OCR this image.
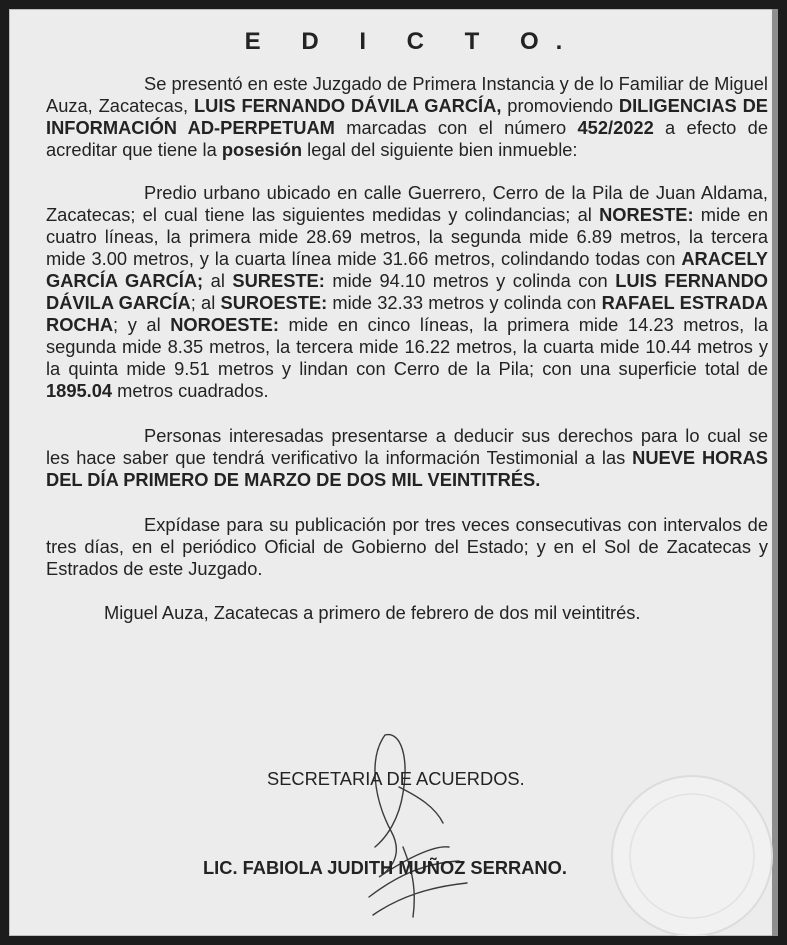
E D I C T O.

Se presentó en este Juzgado de Primera Instancia y de lo Familiar de Miguel Auza, Zacatecas, LUIS FERNANDO DÁVILA GARCÍA, promoviendo DILIGENCIAS DE INFORMACIÓN AD-PERPETUAM marcadas con el número 452/2022 a efecto de acreditar que tiene la posesión legal del siguiente bien inmueble:

Predio urbano ubicado en calle Guerrero, Cerro de la Pila de Juan Aldama, Zacatecas; el cual tiene las siguientes medidas y colindancias; al NORESTE: mide en cuatro líneas, la primera mide 28.69 metros, la segunda mide 6.89 metros, la tercera mide 3.00 metros, y la cuarta línea mide 31.66 metros, colindando todas con ARACELY GARCÍA GARCÍA; al SURESTE: mide 94.10 metros y colinda con LUIS FERNANDO DÁVILA GARCÍA; al SUROESTE: mide 32.33 metros y colinda con RAFAEL ESTRADA ROCHA; y al NOROESTE: mide en cinco líneas, la primera mide 14.23 metros, la segunda mide 8.35 metros, la tercera mide 16.22 metros, la cuarta mide 10.44 metros y la quinta mide 9.51 metros y lindan con Cerro de la Pila; con una superficie total de 1895.04 metros cuadrados.

Personas interesadas presentarse a deducir sus derechos para lo cual se les hace saber que tendrá verificativo la información Testimonial a las NUEVE HORAS DEL DÍA PRIMERO DE MARZO DE DOS MIL VEINTITRÉS.

Expídase para su publicación por tres veces consecutivas con intervalos de tres días, en el periódico Oficial de Gobierno del Estado; y en el Sol de Zacatecas y Estrados de este Juzgado.

Miguel Auza, Zacatecas a primero de febrero de dos mil veintitrés.
SECRETARIA DE ACUERDOS.
LIC. FABIOLA JUDITH MUÑOZ SERRANO.
